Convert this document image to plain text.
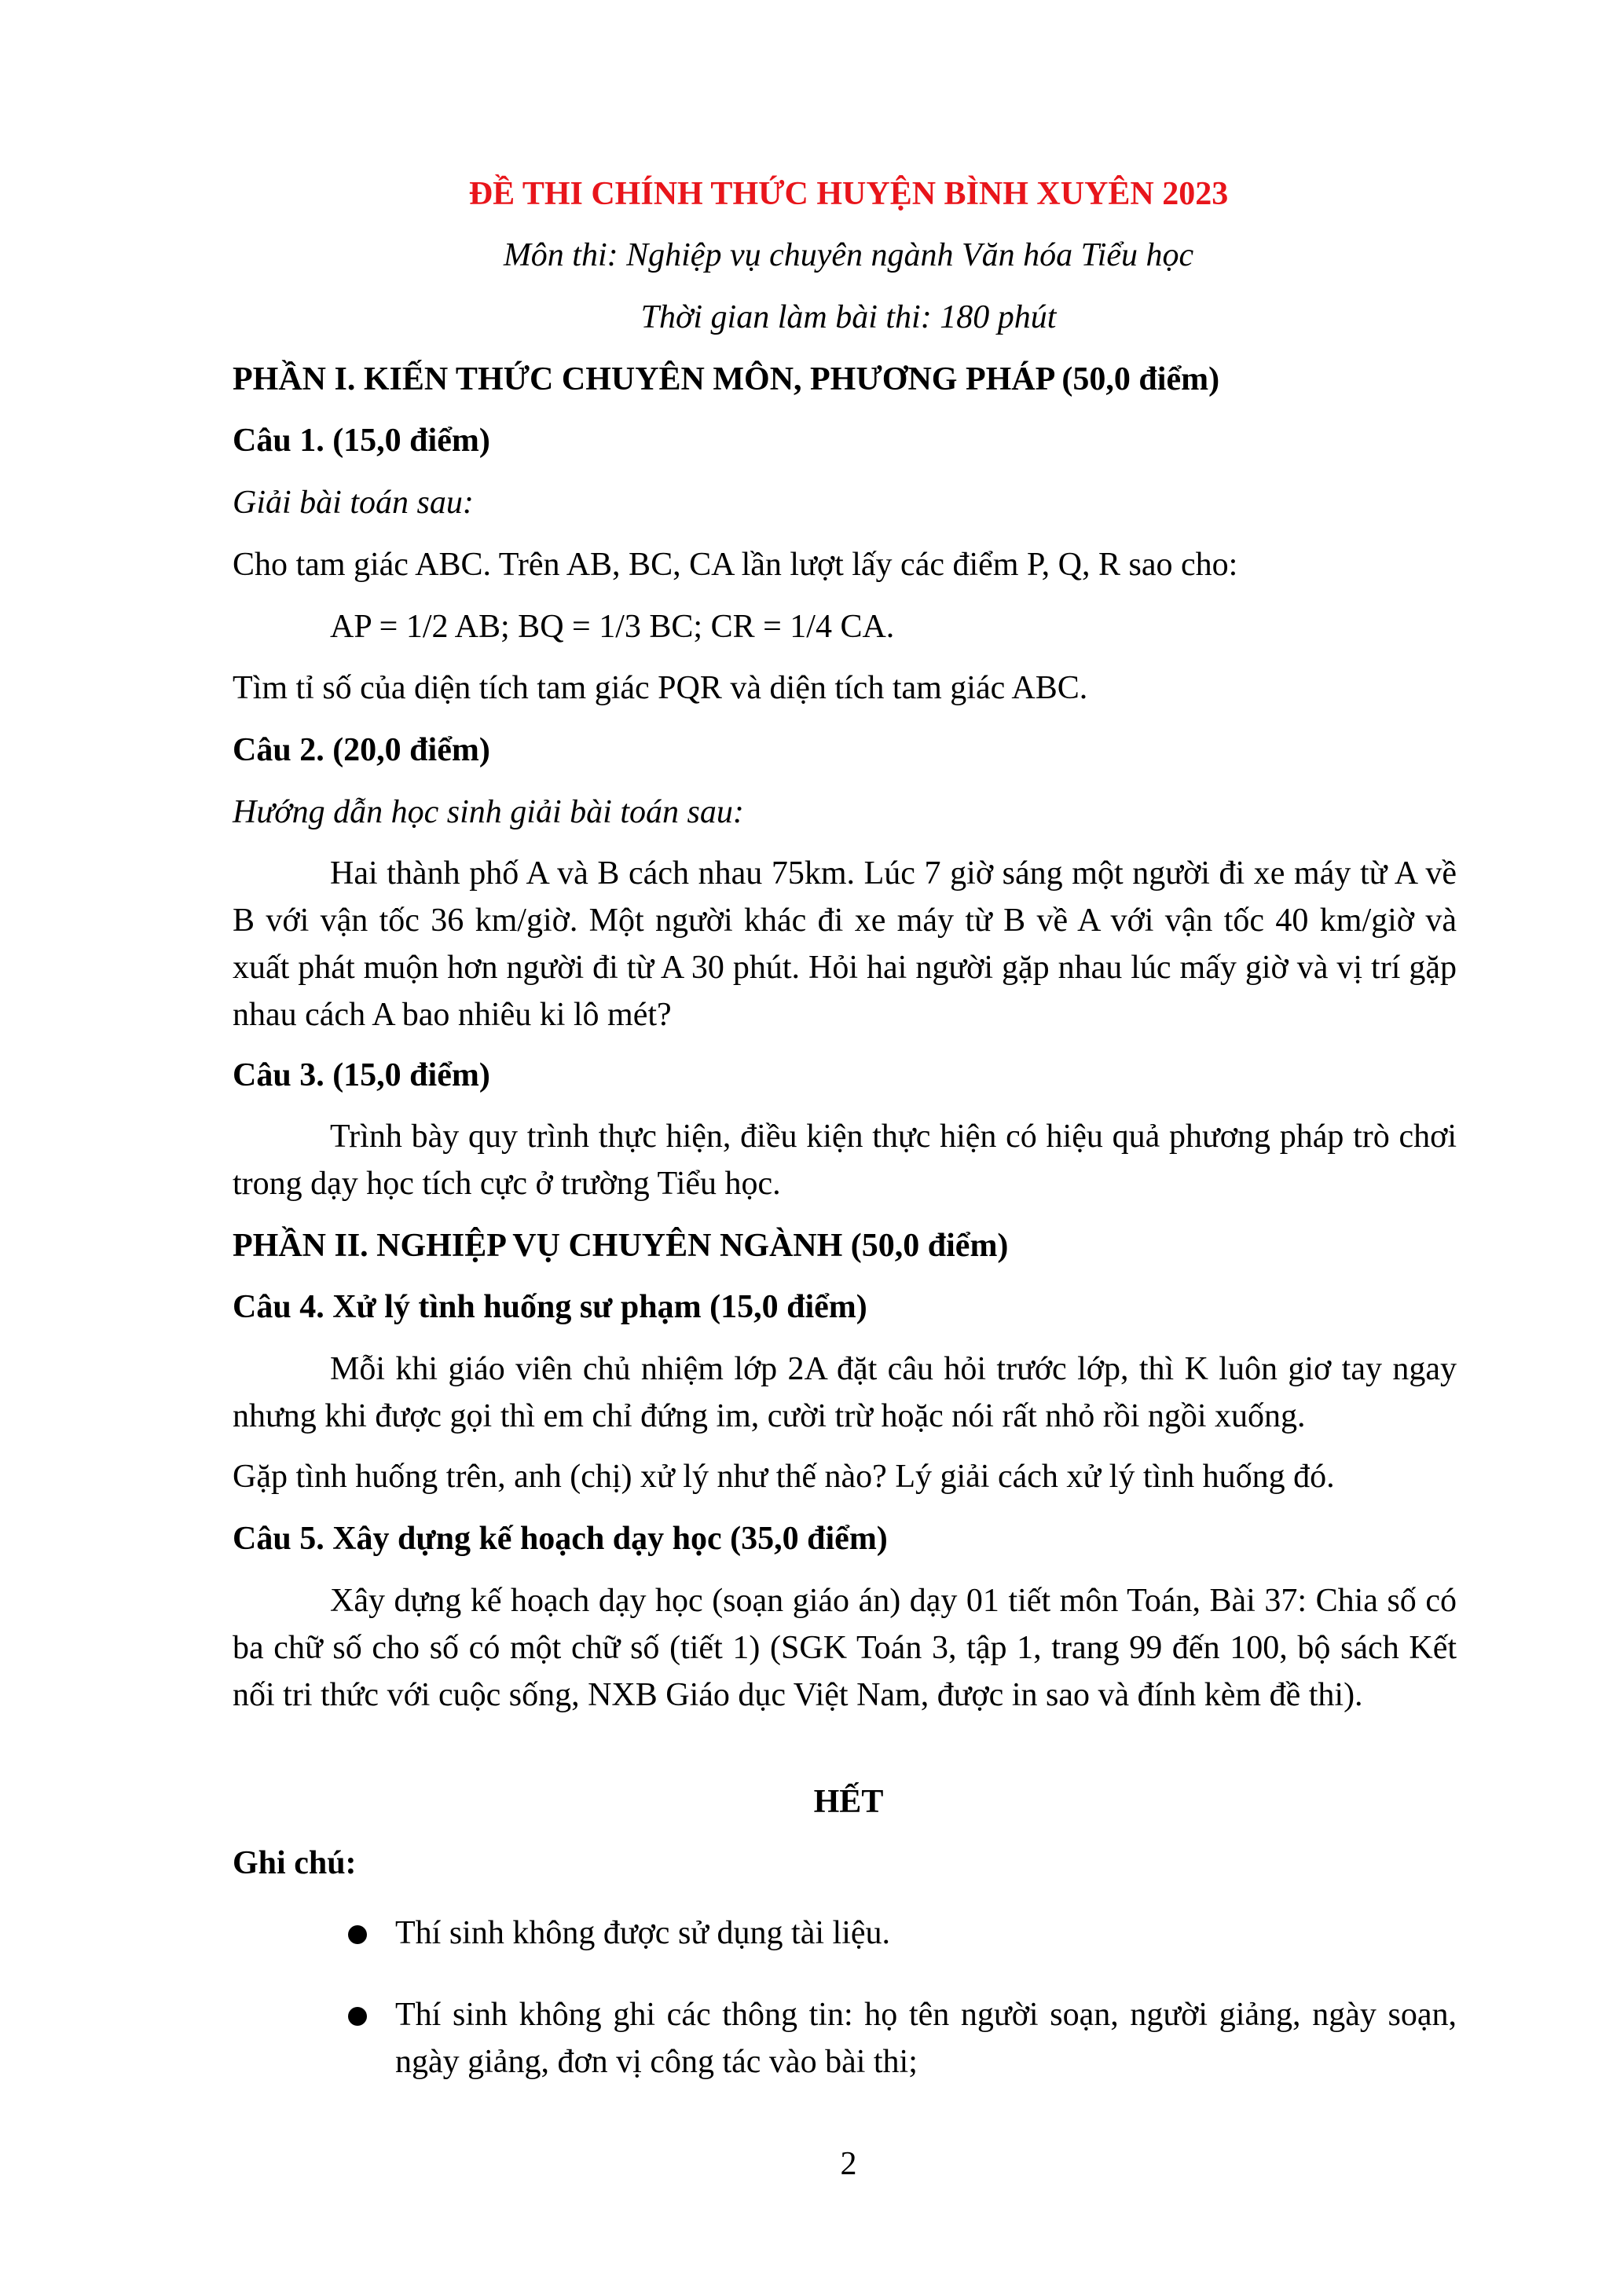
ĐỀ THI CHÍNH THỨC HUYỆN BÌNH XUYÊN 2023
Môn thi: Nghiệp vụ chuyên ngành Văn hóa Tiểu học
Thời gian làm bài thi: 180 phút
PHẦN I. KIẾN THỨC CHUYÊN MÔN, PHƯƠNG PHÁP (50,0 điểm)
Câu 1. (15,0 điểm)
Giải bài toán sau:
Cho tam giác ABC. Trên AB, BC, CA lần lượt lấy các điểm P, Q, R sao cho:
AP = 1/2 AB; BQ = 1/3 BC; CR = 1/4 CA.
Tìm tỉ số của diện tích tam giác PQR và diện tích tam giác ABC.
Câu 2. (20,0 điểm)
Hướng dẫn học sinh giải bài toán sau:
Hai thành phố A và B cách nhau 75km. Lúc 7 giờ sáng một người đi xe máy từ A về B với vận tốc 36 km/giờ. Một người khác đi xe máy từ B về A với vận tốc 40 km/giờ và xuất phát muộn hơn người đi từ A 30 phút. Hỏi hai người gặp nhau lúc mấy giờ và vị trí gặp nhau cách A bao nhiêu ki lô mét?
Câu 3. (15,0 điểm)
Trình bày quy trình thực hiện, điều kiện thực hiện có hiệu quả phương pháp trò chơi trong dạy học tích cực ở trường Tiểu học.
PHẦN II. NGHIỆP VỤ CHUYÊN NGÀNH (50,0 điểm)
Câu 4. Xử lý tình huống sư phạm (15,0 điểm)
Mỗi khi giáo viên chủ nhiệm lớp 2A đặt câu hỏi trước lớp, thì K luôn giơ tay ngay nhưng khi được gọi thì em chỉ đứng im, cười trừ hoặc nói rất nhỏ rồi ngồi xuống.
Gặp tình huống trên, anh (chị) xử lý như thế nào? Lý giải cách xử lý tình huống đó.
Câu 5. Xây dựng kế hoạch dạy học (35,0 điểm)
Xây dựng kế hoạch dạy học (soạn giáo án) dạy 01 tiết môn Toán, Bài 37: Chia số có ba chữ số cho số có một chữ số (tiết 1) (SGK Toán 3, tập 1, trang 99 đến 100, bộ sách Kết nối tri thức với cuộc sống, NXB Giáo dục Việt Nam, được in sao và đính kèm đề thi).
HẾT
Ghi chú:
Thí sinh không được sử dụng tài liệu.
Thí sinh không ghi các thông tin: họ tên người soạn, người giảng, ngày soạn, ngày giảng, đơn vị công tác vào bài thi;
2
